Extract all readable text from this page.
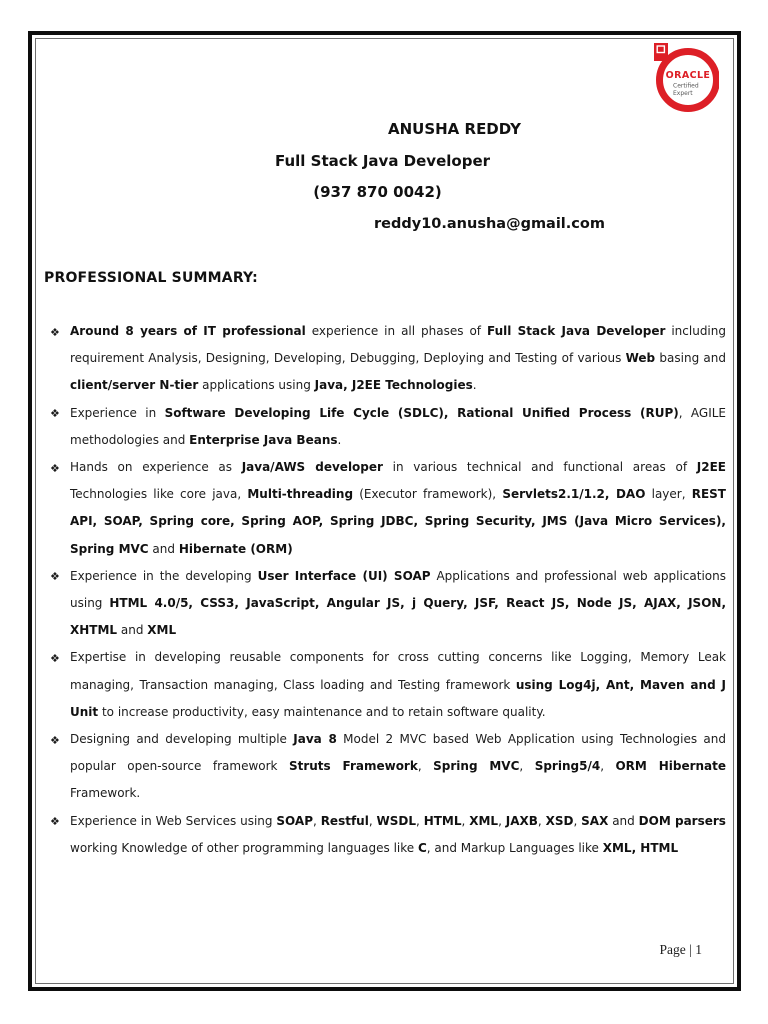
ORACLE
Certified
Expert
ANUSHA REDDY
Full Stack Java Developer
(937 870 0042)
reddy10.anusha@gmail.com
PROFESSIONAL SUMMARY:
❖ Around 8 years of IT professional experience in all phases of Full Stack Java Developer including requirement Analysis, Designing, Developing, Debugging, Deploying and Testing of various Web basing and client/server N-tier applications using Java, J2EE Technologies.
❖ Experience in Software Developing Life Cycle (SDLC), Rational Unified Process (RUP), AGILE methodologies and Enterprise Java Beans.
❖ Hands on experience as Java/AWS developer in various technical and functional areas of J2EE Technologies like core java, Multi-threading (Executor framework), Servlets2.1/1.2, DAO layer, REST API, SOAP, Spring core, Spring AOP, Spring JDBC, Spring Security, JMS (Java Micro Services), Spring MVC and Hibernate (ORM)
❖ Experience in the developing User Interface (UI) SOAP Applications and professional web applications using HTML 4.0/5, CSS3, JavaScript, Angular JS, j Query, JSF, React JS, Node JS, AJAX, JSON, XHTML and XML
❖ Expertise in developing reusable components for cross cutting concerns like Logging, Memory Leak managing, Transaction managing, Class loading and Testing framework using Log4j, Ant, Maven and J Unit to increase productivity, easy maintenance and to retain software quality.
❖ Designing and developing multiple Java 8 Model 2 MVC based Web Application using Technologies and popular open-source framework Struts Framework, Spring MVC, Spring5/4, ORM Hibernate Framework.
❖ Experience in Web Services using SOAP, Restful, WSDL, HTML, XML, JAXB, XSD, SAX and DOM parsers working Knowledge of other programming languages like C, and Markup Languages like XML, HTML
Page | 1
